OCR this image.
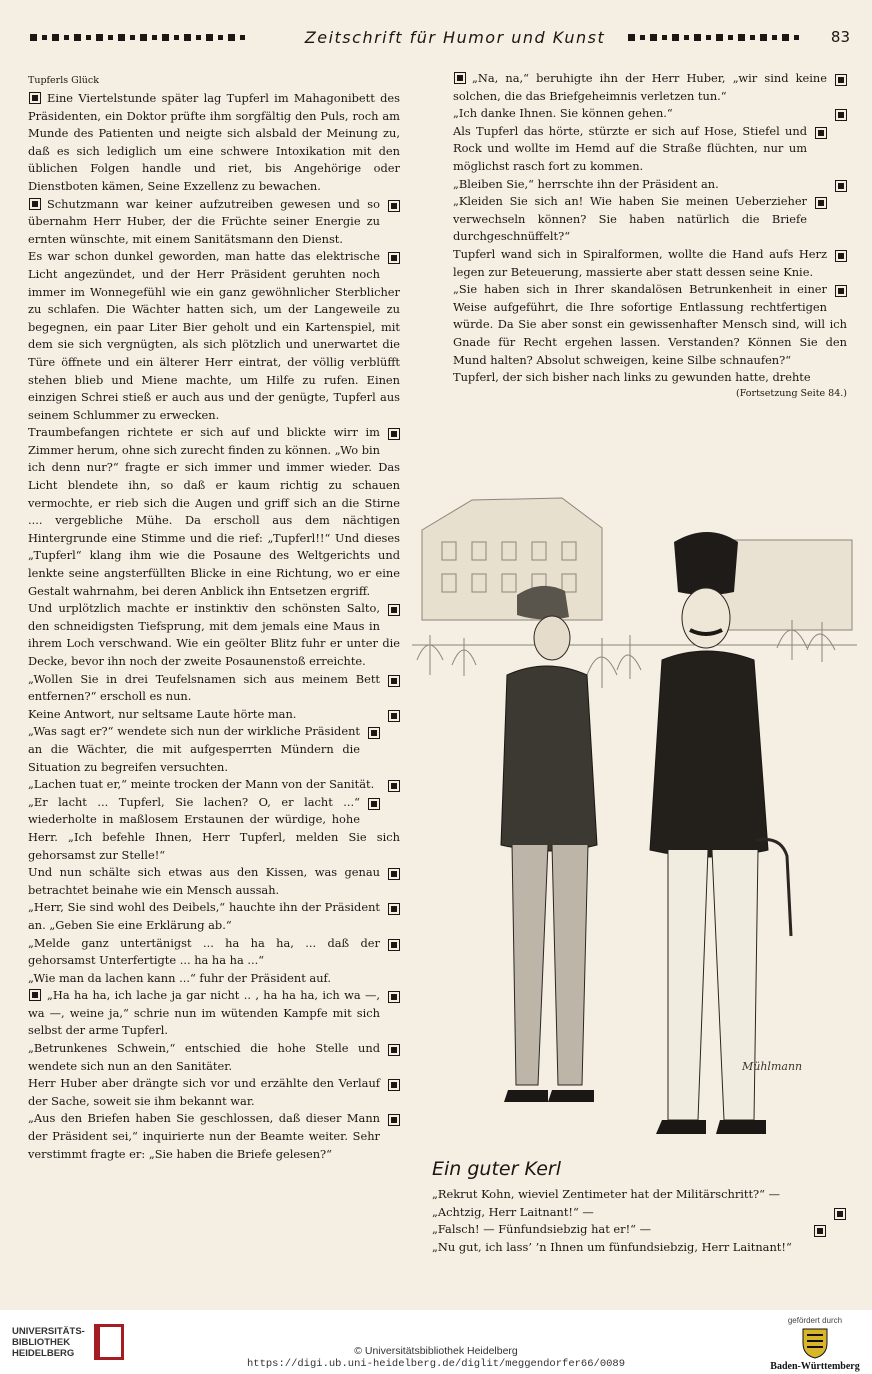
Zeitschrift für Humor und Kunst	83

Tupferls Glück

Eine Viertelstunde später lag Tupferl im Mahagonibett des Präsidenten, ein Doktor prüfte ihm sorgfältig den Puls, roch am Munde des Patienten und neigte sich alsbald der Meinung zu, daß es sich lediglich um eine schwere Intoxikation mit den üblichen Folgen handle und riet, bis Angehörige oder Dienstboten kämen, Seine Exzellenz zu bewachen.

Schutzmann war keiner aufzutreiben gewesen und so übernahm Herr Huber, der die Früchte seiner Energie zu ernten wünschte, mit einem Sanitätsmann den Dienst.

Es war schon dunkel geworden, man hatte das elektrische Licht angezündet, und der Herr Präsident geruhten noch immer im Wonnegefühl wie ein ganz gewöhnlicher Sterblicher zu schlafen. Die Wächter hatten sich, um der Langeweile zu begegnen, ein paar Liter Bier geholt und ein Kartenspiel, mit dem sie sich vergnügten, als sich plötzlich und unerwartet die Türe öffnete und ein älterer Herr eintrat, der völlig verblüfft stehen blieb und Miene machte, um Hilfe zu rufen. Einen einzigen Schrei stieß er auch aus und der genügte, Tupferl aus seinem Schlummer zu erwecken.

Traumbefangen richtete er sich auf und blickte wirr im Zimmer herum, ohne sich zurecht finden zu können. „Wo bin ich denn nur?“ fragte er sich immer und immer wieder. Das Licht blendete ihn, so daß er kaum richtig zu schauen vermochte, er rieb sich die Augen und griff sich an die Stirne .... vergebliche Mühe. Da erscholl aus dem nächtigen Hintergrunde eine Stimme und die rief: „Tupferl!!“ Und dieses „Tupferl“ klang ihm wie die Posaune des Weltgerichts und lenkte seine angsterfüllten Blicke in eine Richtung, wo er eine Gestalt wahrnahm, bei deren Anblick ihn Entsetzen ergriff.

Und urplötzlich machte er instinktiv den schönsten Salto, den schneidigsten Tiefsprung, mit dem jemals eine Maus in ihrem Loch verschwand. Wie ein geölter Blitz fuhr er unter die Decke, bevor ihn noch der zweite Posaunenstoß erreichte.

„Wollen Sie in drei Teufelsnamen sich aus meinem Bett entfernen?“ erscholl es nun.

Keine Antwort, nur seltsame Laute hörte man.

„Was sagt er?“ wendete sich nun der wirkliche Präsident an die Wächter, die mit aufgesperrten Mündern die Situation zu begreifen versuchten.

„Lachen tuat er,“ meinte trocken der Mann von der Sanität.

„Er lacht ... Tupferl, Sie lachen? O, er lacht ...“ wiederholte in maßlosem Erstaunen der würdige, hohe Herr. „Ich befehle Ihnen, Herr Tupferl, melden Sie sich gehorsamst zur Stelle!“

Und nun schälte sich etwas aus den Kissen, was genau betrachtet beinahe wie ein Mensch aussah.

„Herr, Sie sind wohl des Deibels,“ hauchte ihn der Präsident an. „Geben Sie eine Erklärung ab.“

„Melde ganz untertänigst ... ha ha ha, ... daß der gehorsamst Unterfertigte ... ha ha ha ...“

„Wie man da lachen kann ...“ fuhr der Präsident auf.

„Ha ha ha, ich lache ja gar nicht .. , ha ha ha, ich wa —, wa —, weine ja,“ schrie nun im wütenden Kampfe mit sich selbst der arme Tupferl.

„Betrunkenes Schwein,“ entschied die hohe Stelle und wendete sich nun an den Sanitäter.

Herr Huber aber drängte sich vor und erzählte den Verlauf der Sache, soweit sie ihm bekannt war.

„Aus den Briefen haben Sie geschlossen, daß dieser Mann der Präsident sei,“ inquirierte nun der Beamte weiter. Sehr verstimmt fragte er: „Sie haben die Briefe gelesen?“

„Na, na,“ beruhigte ihn der Herr Huber, „wir sind keine solchen, die das Briefgeheimnis verletzen tun.“

„Ich danke Ihnen. Sie können gehen.“

Als Tupferl das hörte, stürzte er sich auf Hose, Stiefel und Rock und wollte im Hemd auf die Straße flüchten, nur um möglichst rasch fort zu kommen.

„Bleiben Sie,“ herrschte ihn der Präsident an.

„Kleiden Sie sich an! Wie haben Sie meinen Ueberzieher verwechseln können? Sie haben natürlich die Briefe durchgeschnüffelt?“

Tupferl wand sich in Spiralformen, wollte die Hand aufs Herz legen zur Beteuerung, massierte aber statt dessen seine Knie.

„Sie haben sich in Ihrer skandalösen Betrunkenheit in einer Weise aufgeführt, die Ihre sofortige Entlassung rechtfertigen würde. Da Sie aber sonst ein gewissenhafter Mensch sind, will ich Gnade für Recht ergehen lassen. Verstanden? Können Sie den Mund halten? Absolut schweigen, keine Silbe schnaufen?“

Tupferl, der sich bisher nach links zu gewunden hatte, drehte

(Fortsetzung Seite 84.)

Mühlmann
Ein guter Kerl

„Rekrut Kohn, wieviel Zentimeter hat der Militärschritt?“ —

„Achtzig, Herr Laitnant!“ —

„Falsch! — Fünfundsiebzig hat er!“ —

„Nu gut, ich lass’ ’n Ihnen um fünfundsiebzig, Herr Laitnant!“

UNIVERSITÄTS-
BIBLIOTHEK
HEIDELBERG	© Universitätsbibliothek Heidelberg
https://digi.ub.uni-heidelberg.de/diglit/meggendorfer66/0089
gefördert durch
Baden-Württemberg
